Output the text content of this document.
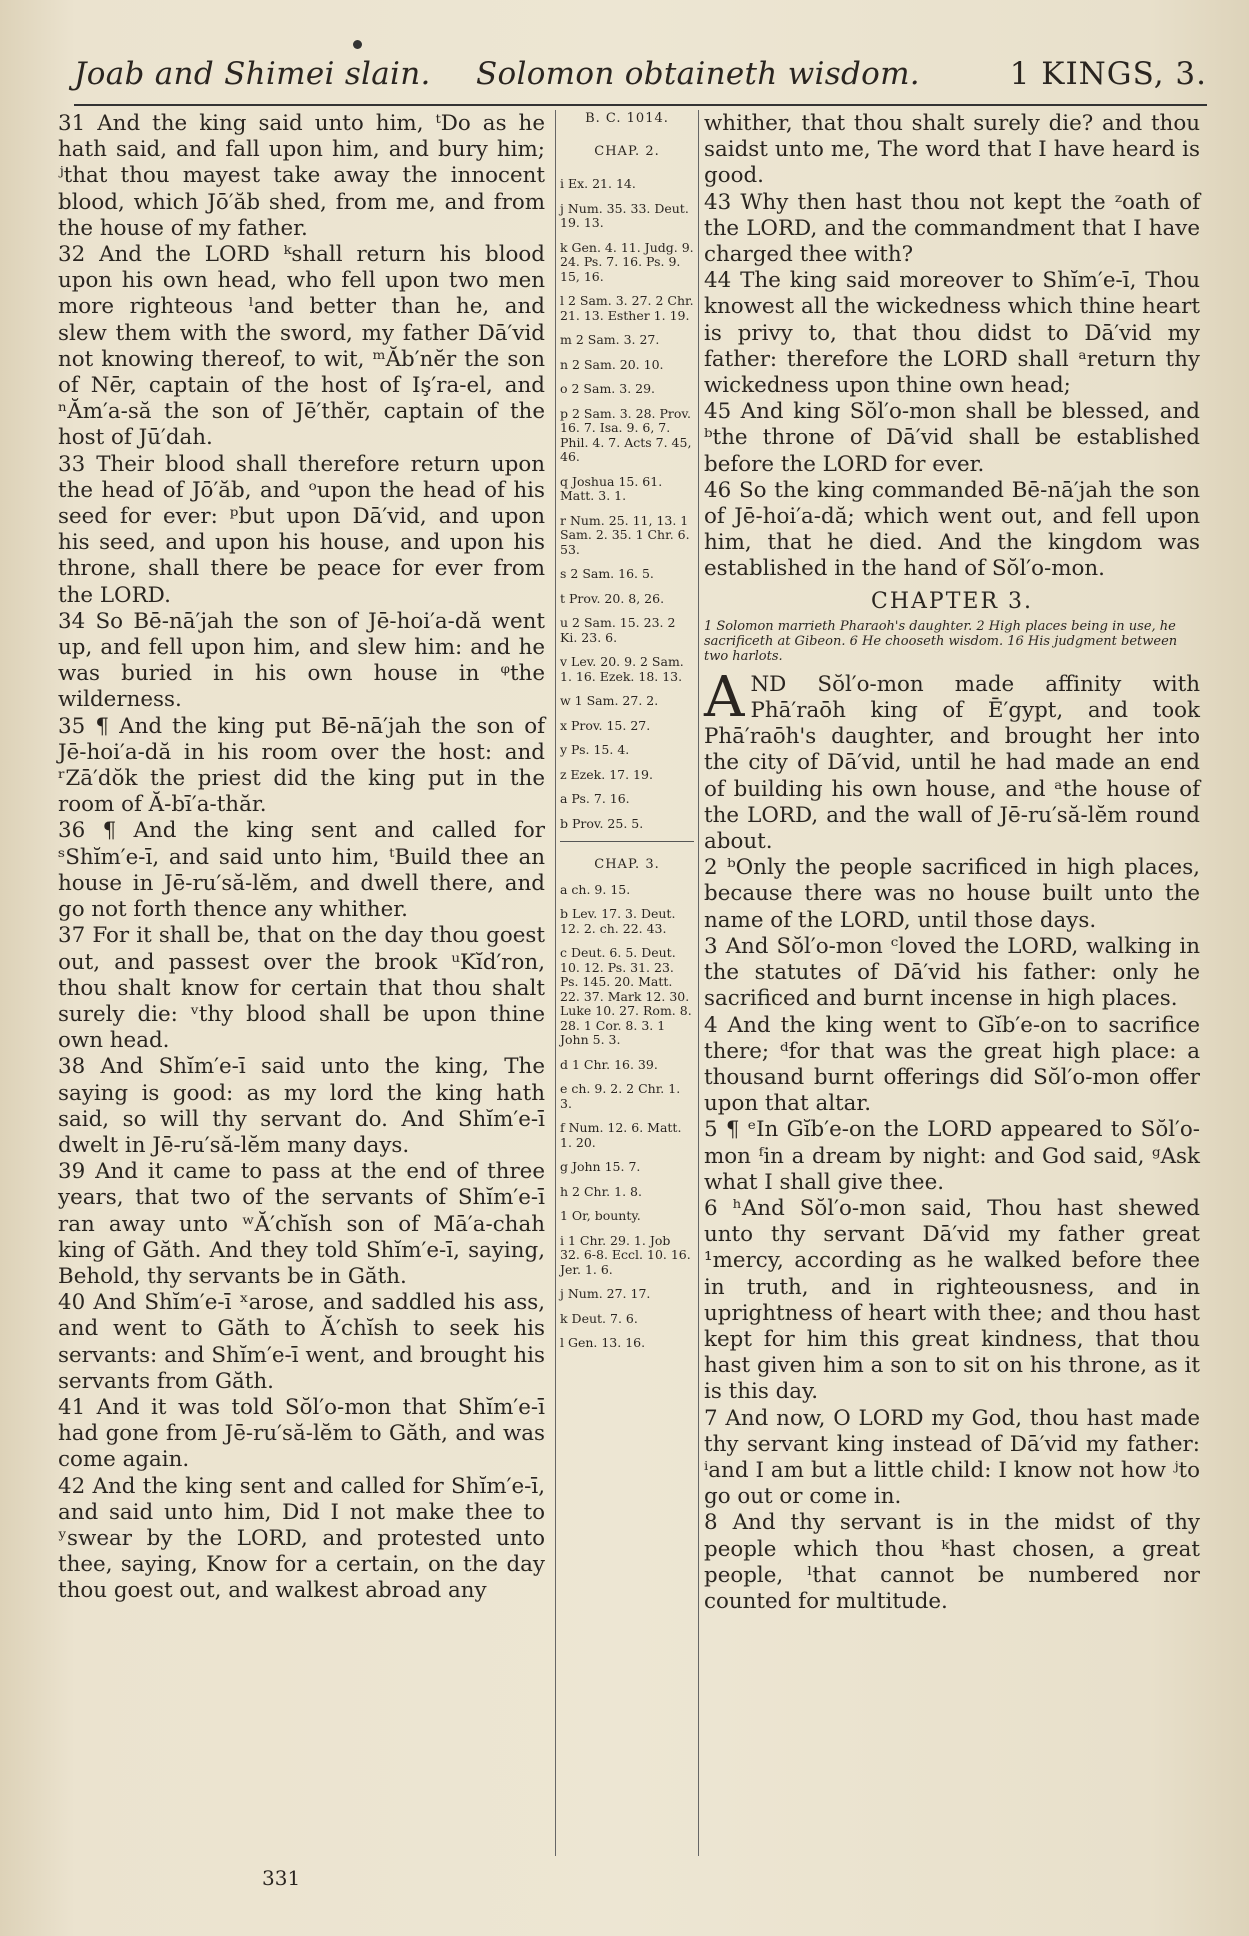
Joab and Shimei slain. Solomon obtaineth wisdom.	1 KINGS, 3.

31 And the king said unto him, ᵗDo as he hath said, and fall upon him, and bury him; ʲthat thou mayest take away the innocent blood, which Jō′ăb shed, from me, and from the house of my father.

32 And the LORD ᵏshall return his blood upon his own head, who fell upon two men more righteous ˡand better than he, and slew them with the sword, my father Dā′vid not knowing thereof, to wit, ᵐĂb′nĕr the son of Nēr, captain of the host of Iş′ra-el, and ⁿĂm′a-să the son of Jē′thĕr, captain of the host of Jū′dah.

33 Their blood shall therefore return upon the head of Jō′ăb, and ᵒupon the head of his seed for ever: ᵖbut upon Dā′vid, and upon his seed, and upon his house, and upon his throne, shall there be peace for ever from the LORD.

34 So Bē-nā′jah the son of Jē-hoi′a-dă went up, and fell upon him, and slew him: and he was buried in his own house in ᵠthe wilderness.

35 ¶ And the king put Bē-nā′jah the son of Jē-hoi′a-dă in his room over the host: and ʳZā′dŏk the priest did the king put in the room of Ă-bī′a-thăr.

36 ¶ And the king sent and called for ˢShĭm′e-ī, and said unto him, ᵗBuild thee an house in Jē-ru′să-lĕm, and dwell there, and go not forth thence any whither.

37 For it shall be, that on the day thou goest out, and passest over the brook ᵘKĭd′ron, thou shalt know for certain that thou shalt surely die: ᵛthy blood shall be upon thine own head.

38 And Shĭm′e-ī said unto the king, The saying is good: as my lord the king hath said, so will thy servant do. And Shĭm′e-ī dwelt in Jē-ru′să-lĕm many days.

39 And it came to pass at the end of three years, that two of the servants of Shĭm′e-ī ran away unto ʷĂ′chĭsh son of Mā′a-chah king of Găth. And they told Shĭm′e-ī, saying, Behold, thy servants be in Găth.

40 And Shĭm′e-ī ˣarose, and saddled his ass, and went to Găth to Ă′chĭsh to seek his servants: and Shĭm′e-ī went, and brought his servants from Găth.

41 And it was told Sŏl′o-mon that Shĭm′e-ī had gone from Jē-ru′să-lĕm to Găth, and was come again.

42 And the king sent and called for Shĭm′e-ī, and said unto him, Did I not make thee to ʸswear by the LORD, and protested unto thee, saying, Know for a certain, on the day thou goest out, and walkest abroad any

B. C. 1014.
CHAP. 2.
i Ex. 21. 14.
j Num. 35. 33. Deut. 19. 13.
k Gen. 4. 11. Judg. 9. 24. Ps. 7. 16. Ps. 9. 15, 16.
l 2 Sam. 3. 27. 2 Chr. 21. 13. Esther 1. 19.
m 2 Sam. 3. 27.
n 2 Sam. 20. 10.
o 2 Sam. 3. 29.
p 2 Sam. 3. 28. Prov. 16. 7. Isa. 9. 6, 7. Phil. 4. 7. Acts 7. 45, 46.
q Joshua 15. 61. Matt. 3. 1.
r Num. 25. 11, 13. 1 Sam. 2. 35. 1 Chr. 6. 53.
s 2 Sam. 16. 5.
t Prov. 20. 8, 26.
u 2 Sam. 15. 23. 2 Ki. 23. 6.
v Lev. 20. 9. 2 Sam. 1. 16. Ezek. 18. 13.
w 1 Sam. 27. 2.
x Prov. 15. 27.
y Ps. 15. 4.
z Ezek. 17. 19.
a Ps. 7. 16.
b Prov. 25. 5.
CHAP. 3.
a ch. 9. 15.
b Lev. 17. 3. Deut. 12. 2. ch. 22. 43.
c Deut. 6. 5. Deut. 10. 12. Ps. 31. 23. Ps. 145. 20. Matt. 22. 37. Mark 12. 30. Luke 10. 27. Rom. 8. 28. 1 Cor. 8. 3. 1 John 5. 3.
d 1 Chr. 16. 39.
e ch. 9. 2. 2 Chr. 1. 3.
f Num. 12. 6. Matt. 1. 20.
g John 15. 7.
h 2 Chr. 1. 8.
1 Or, bounty.
i 1 Chr. 29. 1. Job 32. 6-8. Eccl. 10. 16. Jer. 1. 6.
j Num. 27. 17.
k Deut. 7. 6.
l Gen. 13. 16.

whither, that thou shalt surely die? and thou saidst unto me, The word that I have heard is good.

43 Why then hast thou not kept the ᶻoath of the LORD, and the commandment that I have charged thee with?

44 The king said moreover to Shĭm′e-ī, Thou knowest all the wickedness which thine heart is privy to, that thou didst to Dā′vid my father: therefore the LORD shall ᵃreturn thy wickedness upon thine own head;

45 And king Sŏl′o-mon shall be blessed, and ᵇthe throne of Dā′vid shall be established before the LORD for ever.

46 So the king commanded Bē-nā′jah the son of Jē-hoi′a-dă; which went out, and fell upon him, that he died. And the kingdom was established in the hand of Sŏl′o-mon.

CHAPTER 3.
1 Solomon marrieth Pharaoh's daughter. 2 High places being in use, he sacrificeth at Gibeon. 6 He chooseth wisdom. 16 His judgment between two harlots.

AND Sŏl′o-mon made affinity with Phā′raōh king of Ē′gypt, and took Phā′raōh's daughter, and brought her into the city of Dā′vid, until he had made an end of building his own house, and ᵃthe house of the LORD, and the wall of Jē-ru′să-lĕm round about.

2 ᵇOnly the people sacrificed in high places, because there was no house built unto the name of the LORD, until those days.

3 And Sŏl′o-mon ᶜloved the LORD, walking in the statutes of Dā′vid his father: only he sacrificed and burnt incense in high places.

4 And the king went to Gĭb′e-on to sacrifice there; ᵈfor that was the great high place: a thousand burnt offerings did Sŏl′o-mon offer upon that altar.

5 ¶ ᵉIn Gĭb′e-on the LORD appeared to Sŏl′o-mon ᶠin a dream by night: and God said, ᵍAsk what I shall give thee.

6 ʰAnd Sŏl′o-mon said, Thou hast shewed unto thy servant Dā′vid my father great ¹mercy, according as he walked before thee in truth, and in righteousness, and in uprightness of heart with thee; and thou hast kept for him this great kindness, that thou hast given him a son to sit on his throne, as it is this day.

7 And now, O LORD my God, thou hast made thy servant king instead of Dā′vid my father: ⁱand I am but a little child: I know not how ʲto go out or come in.

8 And thy servant is in the midst of thy people which thou ᵏhast chosen, a great people, ˡthat cannot be numbered nor counted for multitude.

331
